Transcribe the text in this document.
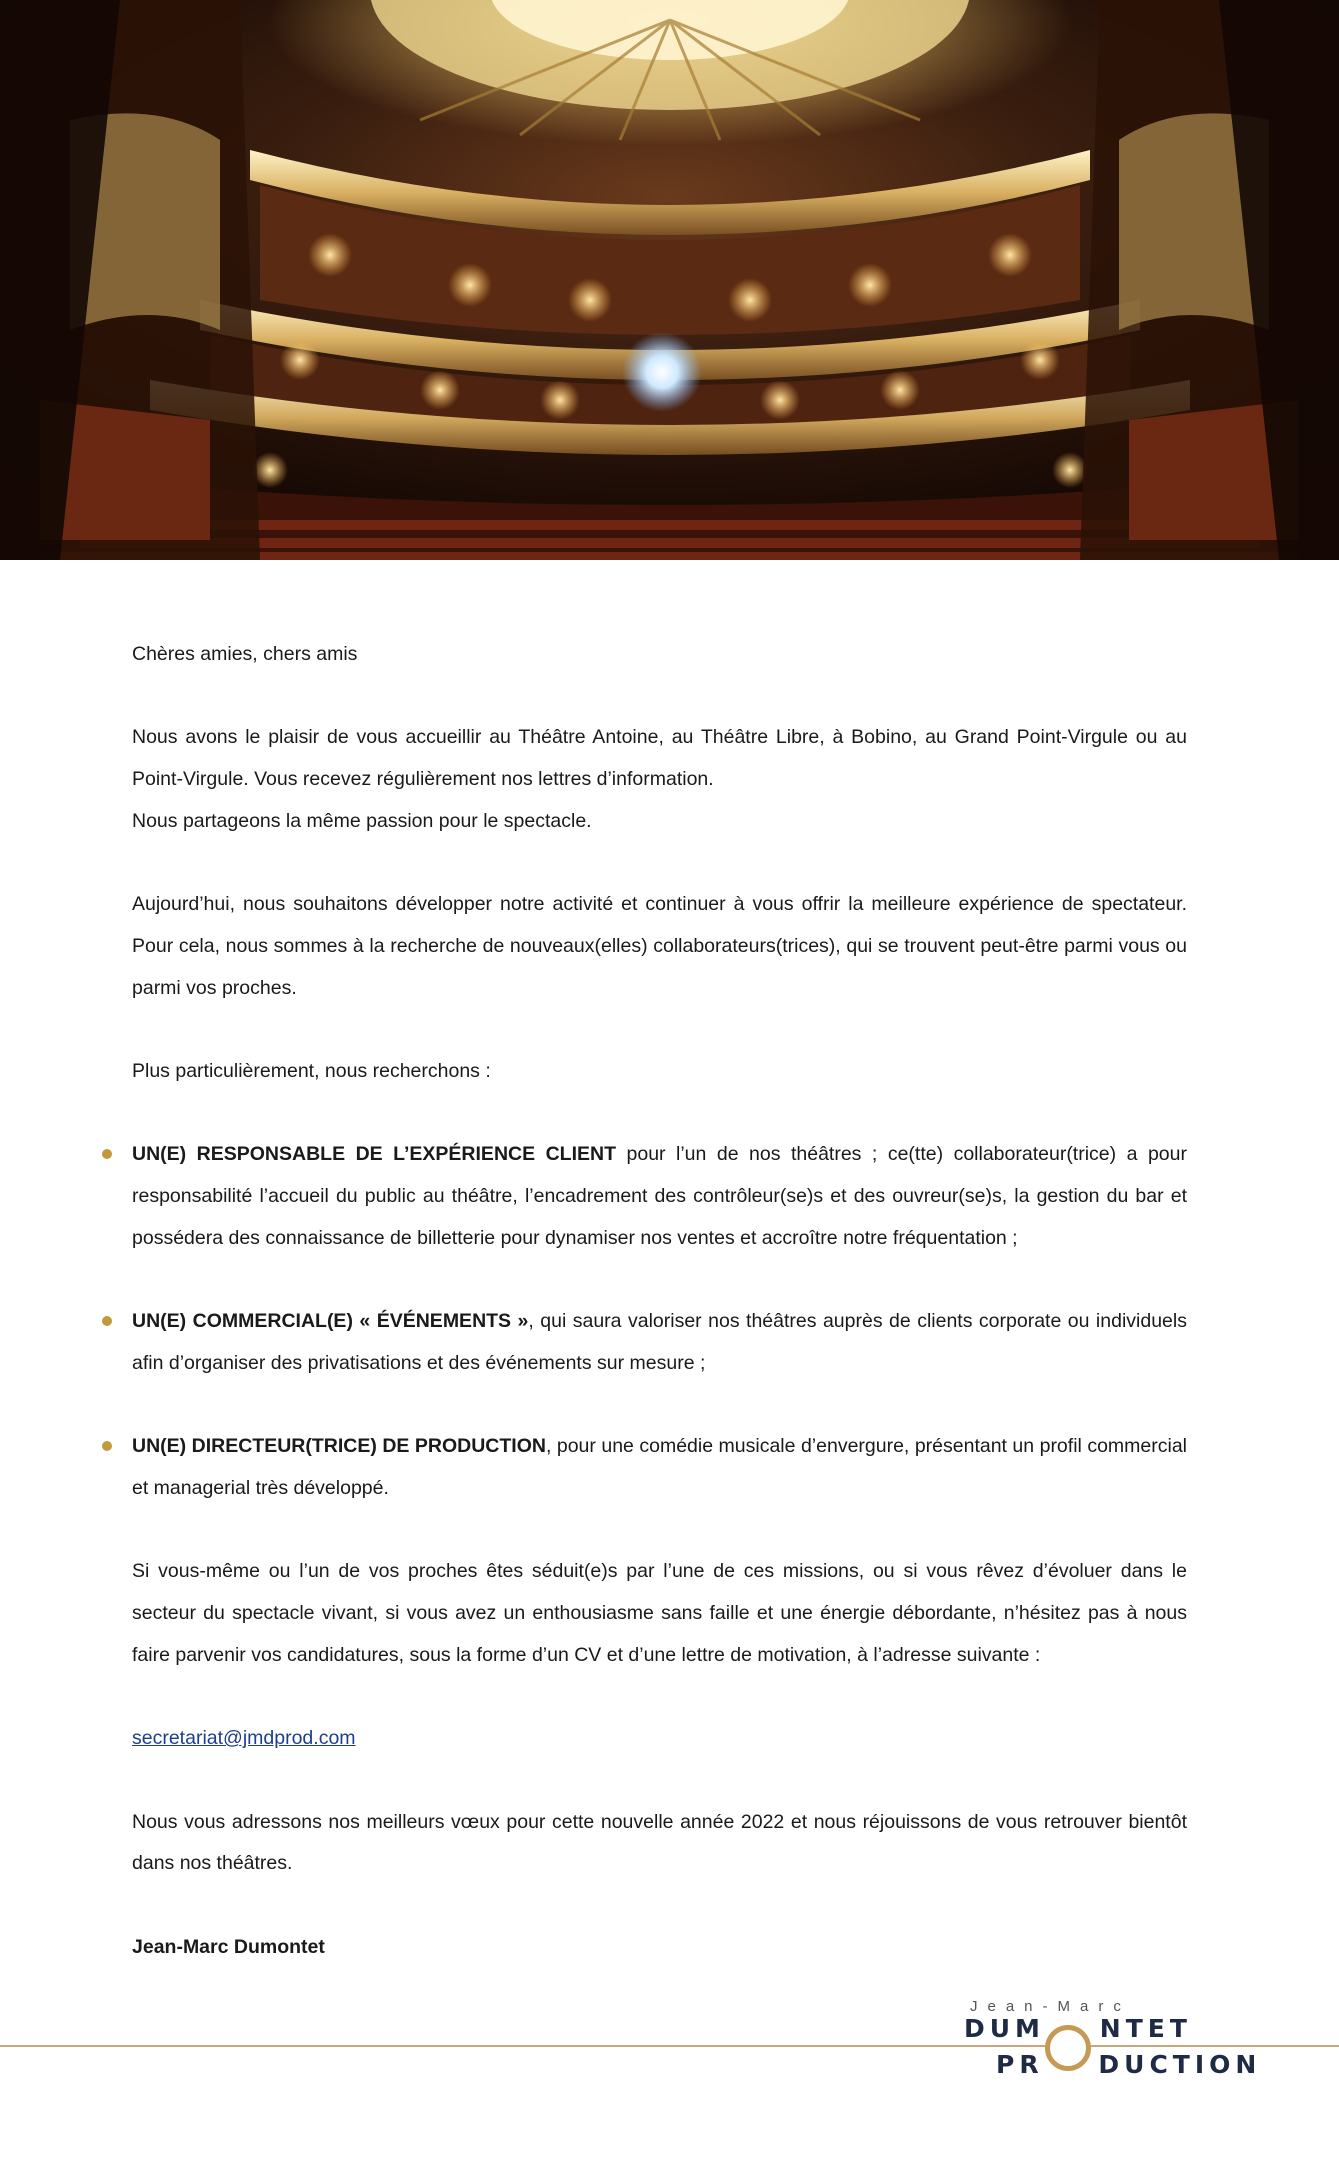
Chères amies, chers amis

Nous avons le plaisir de vous accueillir au Théâtre Antoine, au Théâtre Libre, à Bobino, au Grand Point-Virgule ou au Point-Virgule. Vous recevez régulièrement nos lettres d’information.
Nous partageons la même passion pour le spectacle.

Aujourd’hui, nous souhaitons développer notre activité et continuer à vous offrir la meilleure expérience de spectateur. Pour cela, nous sommes à la recherche de nouveaux(elles) collaborateurs(trices), qui se trouvent peut-être parmi vous ou parmi vos proches.

Plus particulièrement, nous recherchons :

UN(E) RESPONSABLE DE L’EXPÉRIENCE CLIENT pour l’un de nos théâtres ; ce(tte) collaborateur(trice) a pour responsabilité l’accueil du public au théâtre, l’encadrement des contrôleur(se)s et des ouvreur(se)s, la gestion du bar et possédera des connaissance de billetterie pour dynamiser nos ventes et accroître notre fréquentation ;
UN(E) COMMERCIAL(E) « ÉVÉNEMENTS », qui saura valoriser nos théâtres auprès de clients corporate ou individuels afin d’organiser des privatisations et des événements sur mesure ;
UN(E) DIRECTEUR(TRICE) DE PRODUCTION, pour une comédie musicale d’envergure, présentant un profil commercial et managerial très développé.

Si vous-même ou l’un de vos proches êtes séduit(e)s par l’une de ces missions, ou si vous rêvez d’évoluer dans le secteur du spectacle vivant, si vous avez un enthousiasme sans faille et une énergie débordante, n’hésitez pas à nous faire parvenir vos candidatures, sous la forme d’un CV et d’une lettre de motivation, à l’adresse suivante :

secretariat@jmdprod.com

Nous vous adressons nos meilleurs vœux pour cette nouvelle année 2022 et nous réjouissons de vous retrouver bientôt dans nos théâtres.

Jean-Marc Dumontet

Jean-Marc
DUM NTET
PR DUCTION
